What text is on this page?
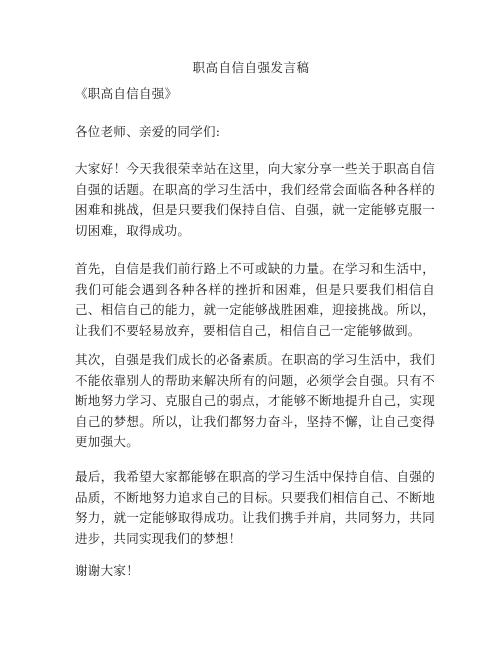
职高自信自强发言稿

《职高自信自强》

各位老师、亲爱的同学们:

大家好！今天我很荣幸站在这里，向大家分享一些关于职高自信自强的话题。在职高的学习生活中，我们经常会面临各种各样的困难和挑战，但是只要我们保持自信、自强，就一定能够克服一切困难，取得成功。

首先，自信是我们前行路上不可或缺的力量。在学习和生活中，我们可能会遇到各种各样的挫折和困难，但是只要我们相信自己、相信自己的能力，就一定能够战胜困难，迎接挑战。所以，让我们不要轻易放弃，要相信自己，相信自己一定能够做到。

其次，自强是我们成长的必备素质。在职高的学习生活中，我们不能依靠别人的帮助来解决所有的问题，必须学会自强。只有不断地努力学习、克服自己的弱点，才能够不断地提升自己，实现自己的梦想。所以，让我们都努力奋斗，坚持不懈，让自己变得更加强大。

最后，我希望大家都能够在职高的学习生活中保持自信、自强的品质，不断地努力追求自己的目标。只要我们相信自己、不断地努力，就一定能够取得成功。让我们携手并肩，共同努力，共同进步，共同实现我们的梦想！

谢谢大家！
